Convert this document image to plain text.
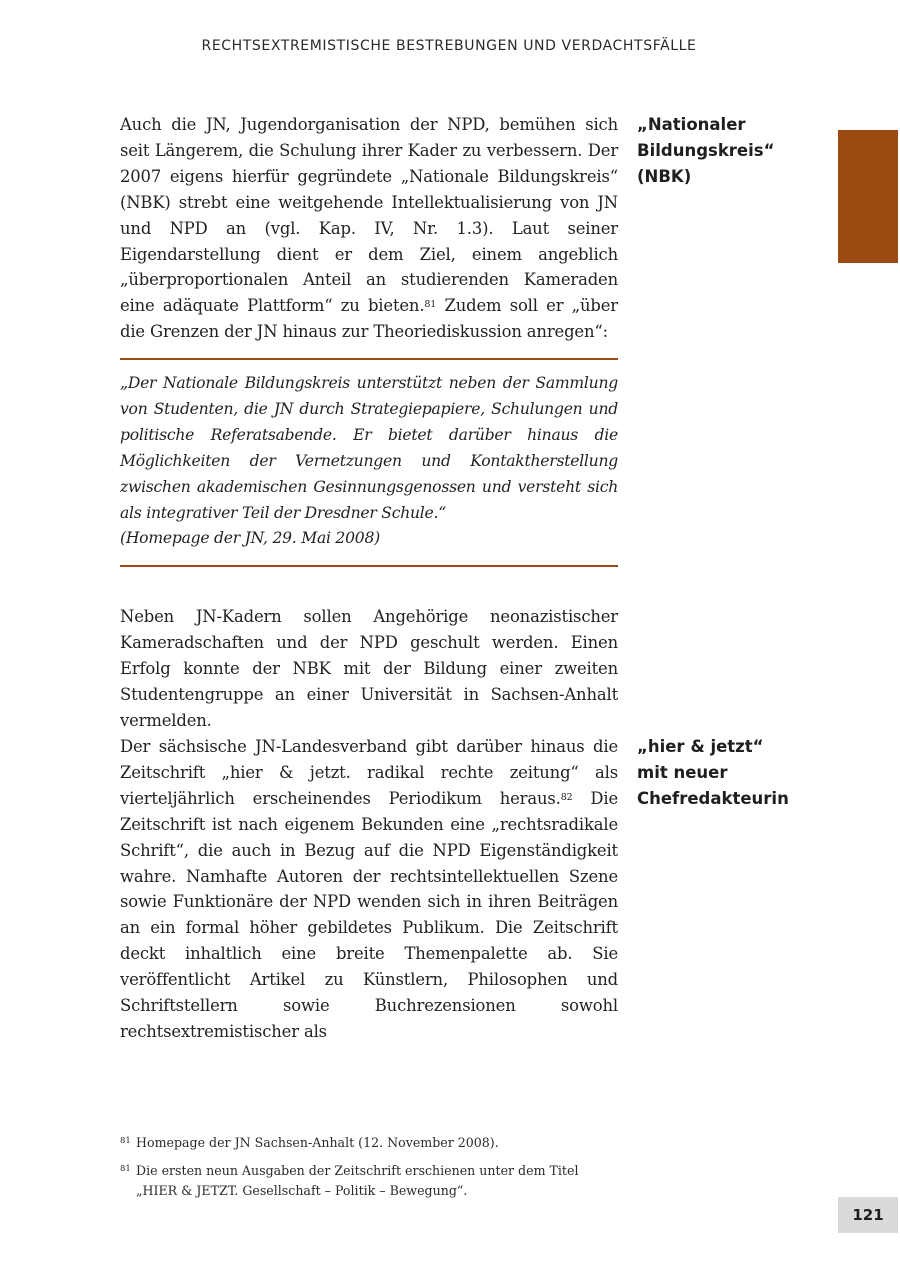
RECHTSEXTREMISTISCHE BESTREBUNGEN UND VERDACHTSFÄLLE

Auch die JN, Jugendorganisation der NPD, bemühen sich seit Längerem, die Schulung ihrer Kader zu verbessern. Der 2007 eigens hierfür gegründete „Nationale Bildungskreis“ (NBK) strebt eine weitgehende Intellektualisierung von JN und NPD an (vgl. Kap. IV, Nr. 1.3). Laut seiner Eigendarstellung dient er dem Ziel, einem angeblich „überproportionalen Anteil an studierenden Kameraden eine adäquate Plattform“ zu bieten.$^{81}$ Zudem soll er „über die Grenzen der JN hinaus zur Theoriediskussion anregen“:

„Nationaler
Bildungskreis“
(NBK)

„Der Nationale Bildungskreis unterstützt neben der Sammlung von Studenten, die JN durch Strategiepapiere, Schulungen und politische Referatsabende. Er bietet darüber hinaus die Möglichkeiten der Vernetzungen und Kontaktherstellung zwischen akademischen Gesinnungsgenossen und versteht sich als integrativer Teil der Dresdner Schule.“

(Homepage der JN, 29. Mai 2008)

Neben JN-Kadern sollen Angehörige neonazistischer Kameradschaften und der NPD geschult werden. Einen Erfolg konnte der NBK mit der Bildung einer zweiten Studentengruppe an einer Universität in Sachsen-Anhalt vermelden.

Der sächsische JN-Landesverband gibt darüber hinaus die Zeitschrift „hier & jetzt. radikal rechte zeitung“ als vierteljährlich erscheinendes Periodikum heraus.$^{82}$ Die Zeitschrift ist nach eigenem Bekunden eine „rechtsradikale Schrift“, die auch in Bezug auf die NPD Eigenständigkeit wahre. Namhafte Autoren der rechtsintellektuellen Szene sowie Funktionäre der NPD wenden sich in ihren Beiträgen an ein formal höher gebildetes Publikum. Die Zeitschrift deckt inhaltlich eine breite Themenpalette ab. Sie veröffentlicht Artikel zu Künstlern, Philosophen und Schriftstellern sowie Buchrezensionen sowohl rechtsextremistischer als

„hier & jetzt“
mit neuer
Chefredakteurin
81 Homepage der JN Sachsen-Anhalt (12. November 2008).
81 Die ersten neun Ausgaben der Zeitschrift erschienen unter dem Titel „HIER & JETZT. Gesellschaft – Politik – Bewegung“.
121
